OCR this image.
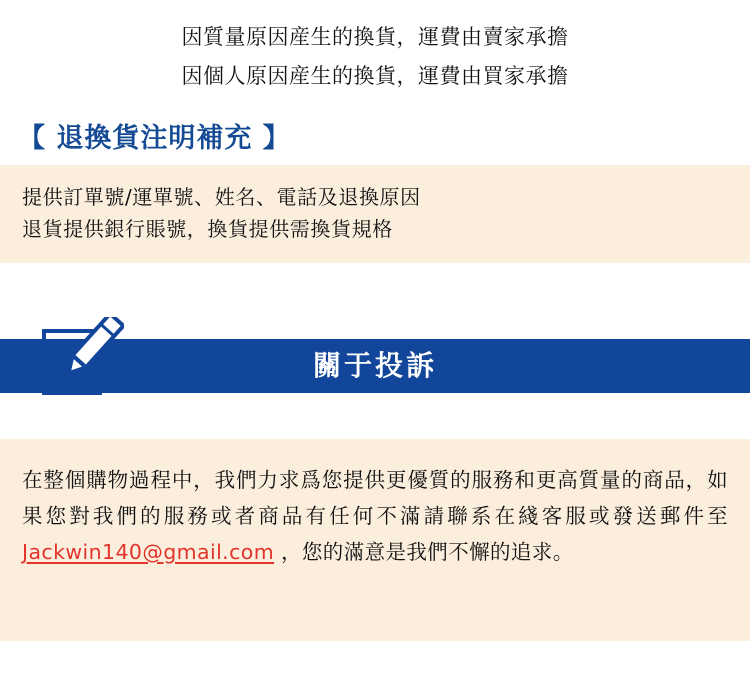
因質量原因産生的換貨，運費由賣家承擔
因個人原因産生的換貨，運費由買家承擔
【 退換貨注明補充 】
提供訂單號/運單號、姓名、電話及退換原因
退貨提供銀行賬號，換貨提供需換貨規格
關于投訴
在整個購物過程中，我們力求爲您提供更優質的服務和更高質量的商品，如果您對我們的服務或者商品有任何不滿請聯系在綫客服或發送郵件至 Jackwin140@gmail.com ，您的滿意是我們不懈的追求。
